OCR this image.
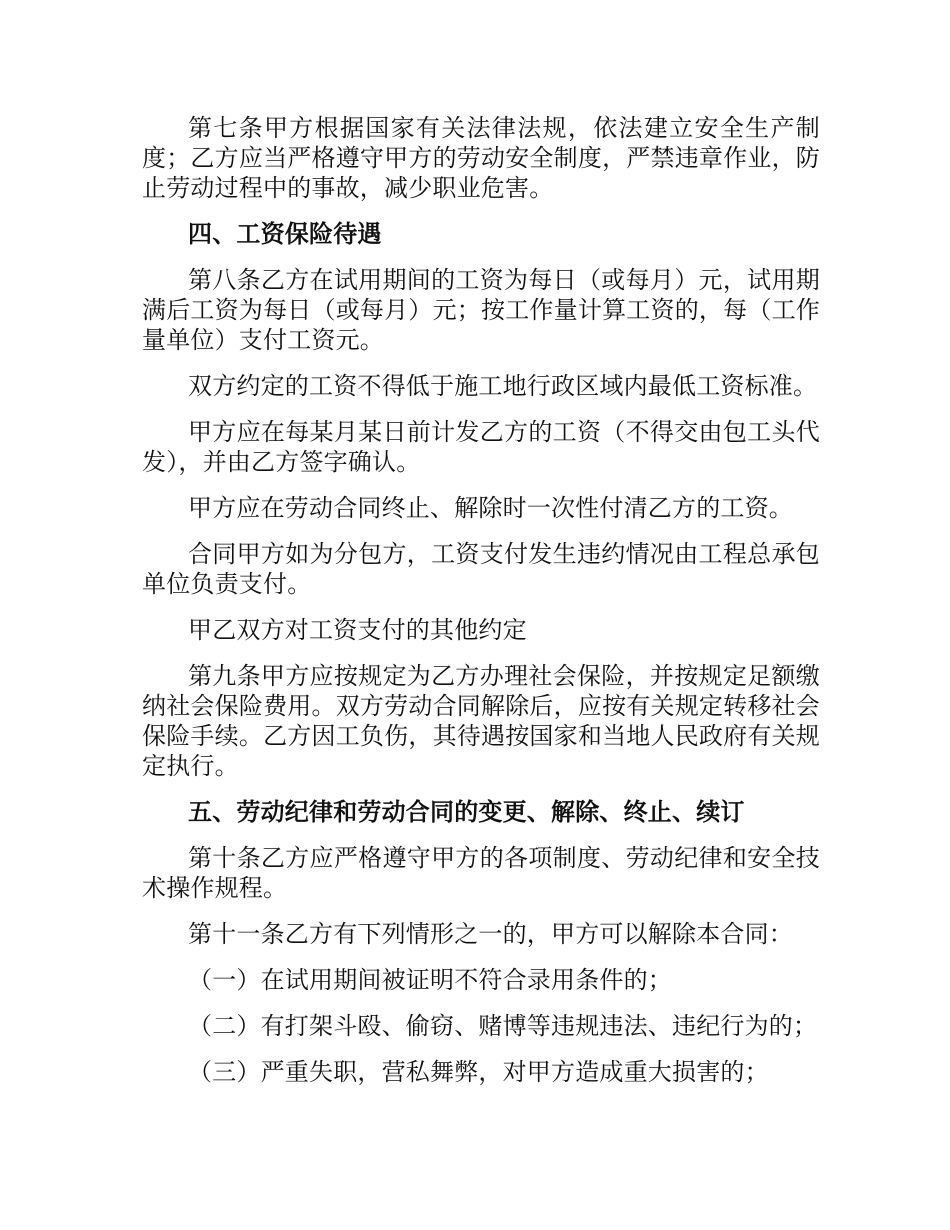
第七条甲方根据国家有关法律法规，依法建立安全生产制度；乙方应当严格遵守甲方的劳动安全制度，严禁违章作业，防止劳动过程中的事故，减少职业危害。

四、工资保险待遇

第八条乙方在试用期间的工资为每日（或每月）元，试用期满后工资为每日（或每月）元；按工作量计算工资的，每（工作量单位）支付工资元。

双方约定的工资不得低于施工地行政区域内最低工资标准。

甲方应在每某月某日前计发乙方的工资（不得交由包工头代发），并由乙方签字确认。

甲方应在劳动合同终止、解除时一次性付清乙方的工资。

合同甲方如为分包方，工资支付发生违约情况由工程总承包单位负责支付。

甲乙双方对工资支付的其他约定

第九条甲方应按规定为乙方办理社会保险，并按规定足额缴纳社会保险费用。双方劳动合同解除后，应按有关规定转移社会保险手续。乙方因工负伤，其待遇按国家和当地人民政府有关规定执行。

五、劳动纪律和劳动合同的变更、解除、终止、续订

第十条乙方应严格遵守甲方的各项制度、劳动纪律和安全技术操作规程。

第十一条乙方有下列情形之一的，甲方可以解除本合同：

（一）在试用期间被证明不符合录用条件的；

（二）有打架斗殴、偷窃、赌博等违规违法、违纪行为的；

（三）严重失职，营私舞弊，对甲方造成重大损害的；
